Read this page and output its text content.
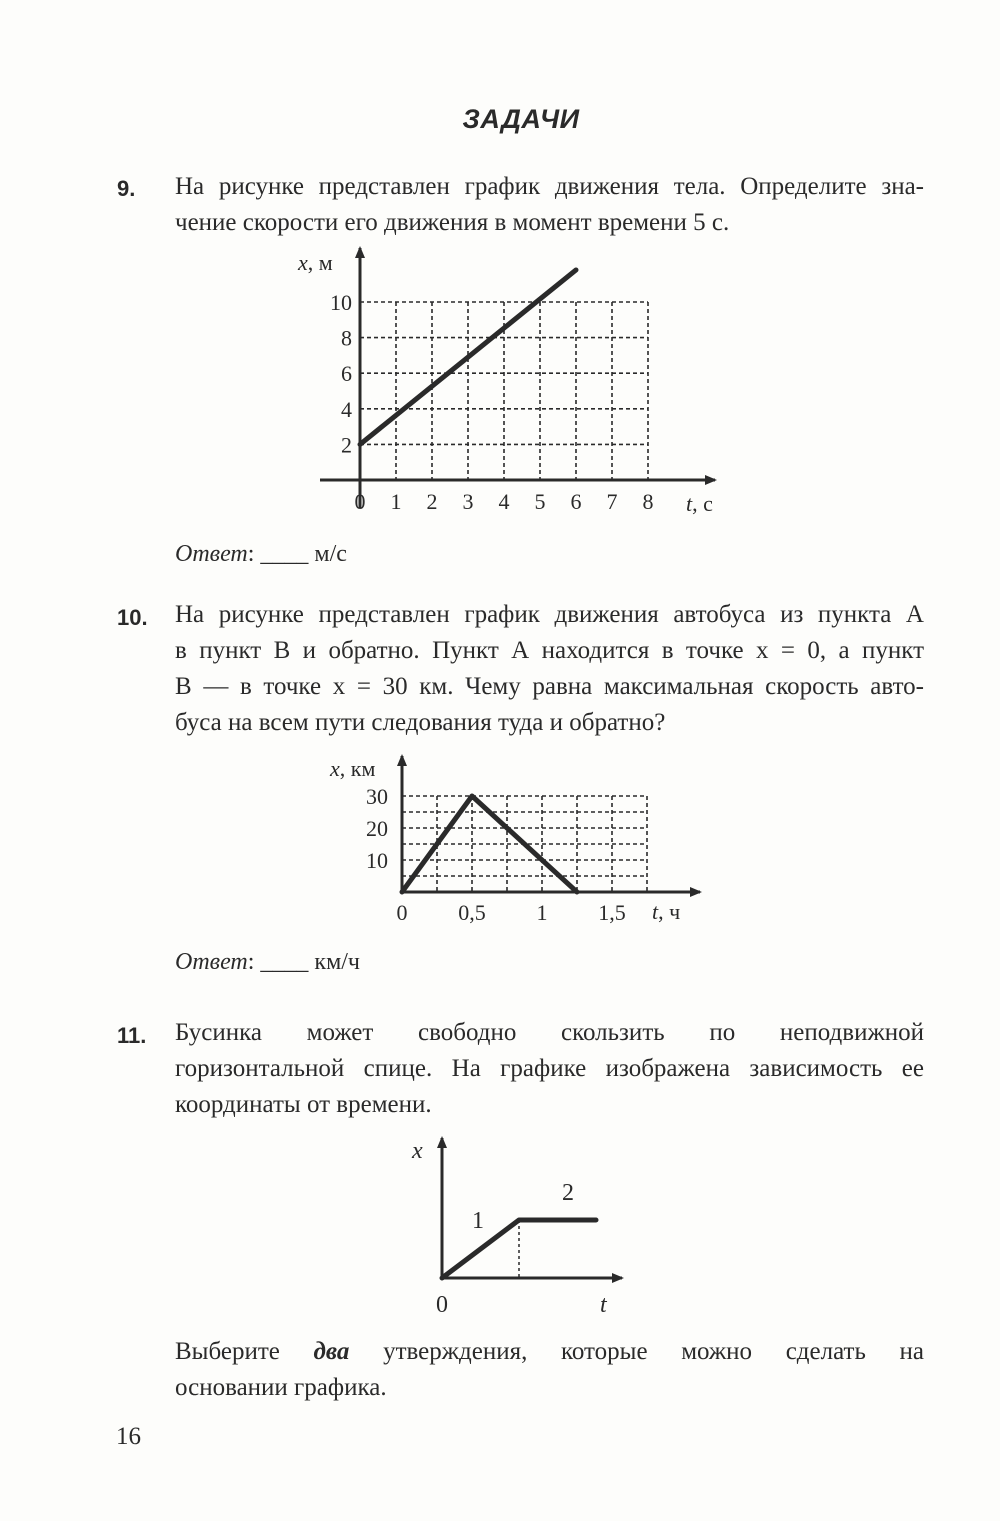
ЗАДАЧИ
9. На рисунке представлен график движения тела. Определите зна-
чение скорости его движения в момент времени 5 с.
0 1 2 3 4 5 6 7 8
2
4
6
8
10
x, м
t, с
Ответ: ____ м/с
10. На рисунке представлен график движения автобуса из пункта А
в пункт В и обратно. Пункт А находится в точке x = 0, а пункт
В — в точке x = 30 км. Чему равна максимальная скорость авто-
буса на всем пути следования туда и обратно?
0 0,5 1 1,5
10
20
30
x, км
t, ч
Ответ: ____ км/ч
11. Бусинка может свободно скользить по неподвижной
горизонтальной спице. На графике изображена зависимость ее
координаты от времени.
x
t
0
1
2
Выберите два утверждения, которые можно сделать на
основании графика.
16
